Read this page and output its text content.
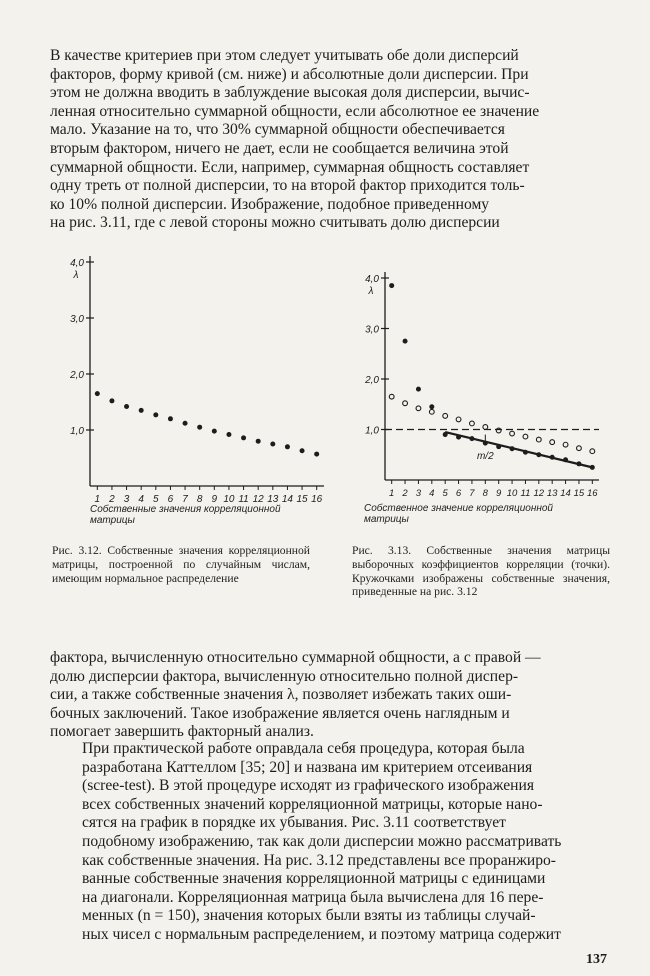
В качестве критериев при этом следует учитывать обе доли дисперсий
факторов, форму кривой (см. ниже) и абсолютные доли дисперсии. При
этом не должна вводить в заблуждение высокая доля дисперсии, вычис-
ленная относительно суммарной общности, если абсолютное ее значение
мало. Указание на то, что 30% суммарной общности обеспечивается
вторым фактором, ничего не дает, если не сообщается величина этой
суммарной общности. Если, например, суммарная общность составляет
одну треть от полной дисперсии, то на второй фактор приходится толь-
ко 10% полной дисперсии. Изображение, подобное приведенному
на рис. 3.11, где с левой стороны можно считывать долю дисперсии
1,0
2,0
3,0
4,0
λ
1 2 3 4 5 6 7 8 9 10 11 12 13 14 15 16
1,0
2,0
3,0
4,0
λ
1 2 3 4 5 6 7 8 9 10 11 12 13 14 15 16
m/2
Собственные значения корреляционной
матрицы
Собственное значение корреляционной
матрицы
Рис. 3.12. Собственные значения корреляционной матрицы, построенной по случайным числам, имеющим нормальное распределение
Рис. 3.13. Собственные значения матрицы выборочных коэффициентов корреляции (точки). Кружочками изображены собственные значения, приведенные на рис. 3.12
фактора, вычисленную относительно суммарной общности, а с правой —
долю дисперсии фактора, вычисленную относительно полной диспер-
сии, а также собственные значения λ, позволяет избежать таких оши-
бочных заключений. Такое изображение является очень наглядным и
помогает завершить факторный анализ.
При практической работе оправдала себя процедура, которая была
разработана Каттеллом [35; 20] и названа им критерием отсеивания
(scree-test). В этой процедуре исходят из графического изображения
всех собственных значений корреляционной матрицы, которые нано-
сятся на график в порядке их убывания. Рис. 3.11 соответствует
подобному изображению, так как доли дисперсии можно рассматривать
как собственные значения. На рис. 3.12 представлены все проранжиро-
ванные собственные значения корреляционной матрицы с единицами
на диагонали. Корреляционная матрица была вычислена для 16 пере-
менных (n = 150), значения которых были взяты из таблицы случай-
ных чисел с нормальным распределением, и поэтому матрица содержит
137
